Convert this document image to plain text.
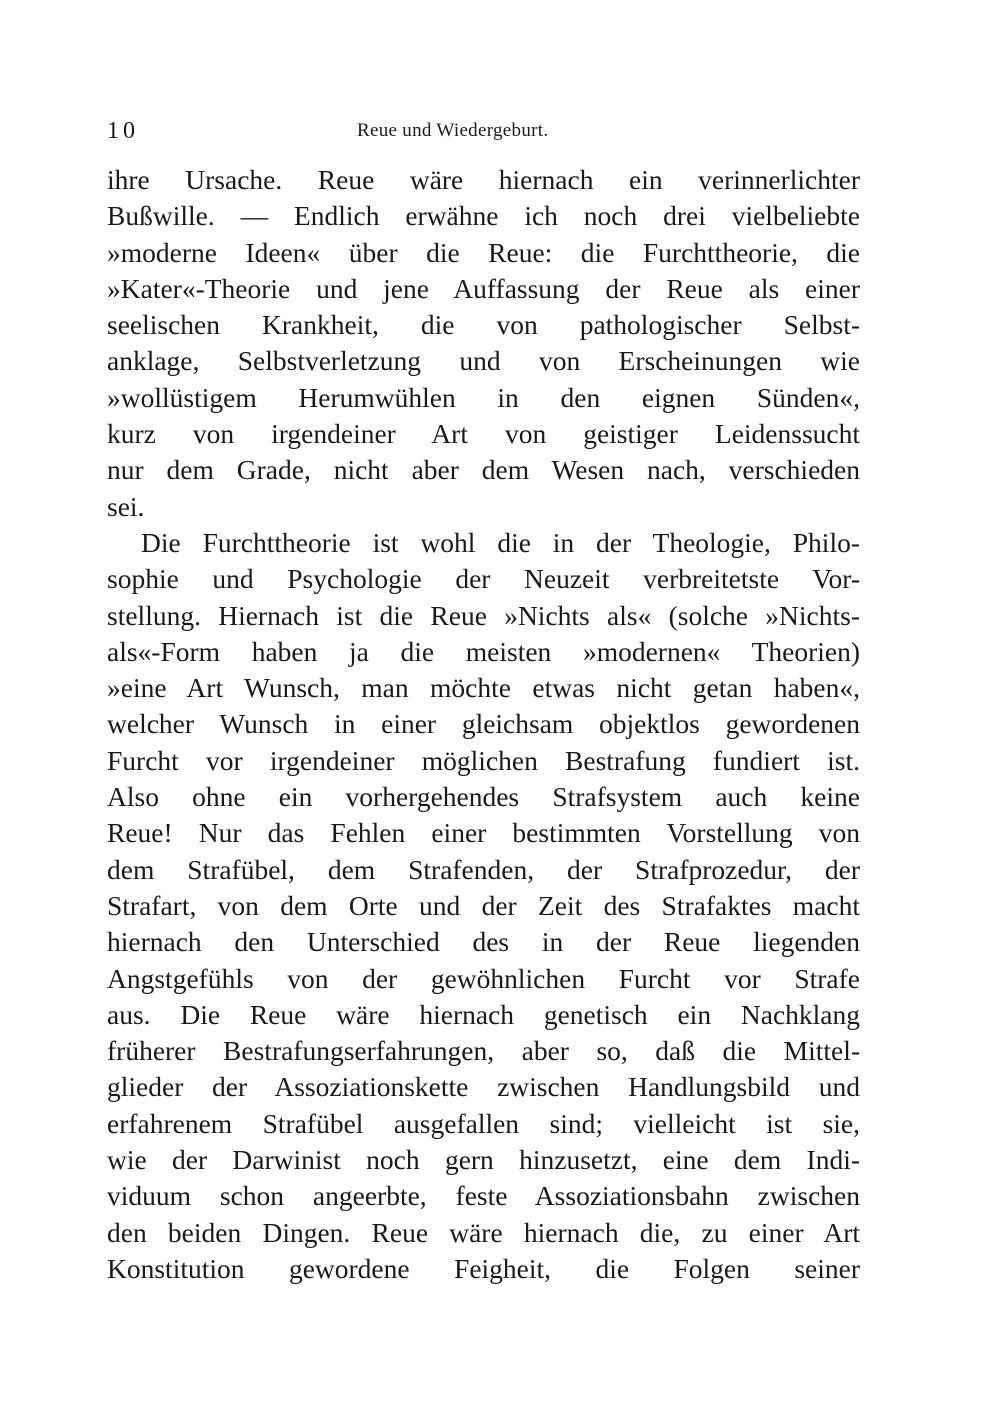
10	Reue und Wiedergeburt.
ihre Ursache. Reue wäre hiernach ein verinnerlichter
Bußwille. — Endlich erwähne ich noch drei vielbeliebte
»moderne Ideen« über die Reue: die Furchttheorie, die
»Kater«-Theorie und jene Auffassung der Reue als einer
seelischen Krankheit, die von pathologischer Selbst-
anklage, Selbstverletzung und von Erscheinungen wie
»wollüstigem Herumwühlen in den eignen Sünden«,
kurz von irgendeiner Art von geistiger Leidenssucht
nur dem Grade, nicht aber dem Wesen nach, verschieden
sei.
Die Furchttheorie ist wohl die in der Theologie, Philo-
sophie und Psychologie der Neuzeit verbreitetste Vor-
stellung. Hiernach ist die Reue »Nichts als« (solche »Nichts-
als«-Form haben ja die meisten »modernen« Theorien)
»eine Art Wunsch, man möchte etwas nicht getan haben«,
welcher Wunsch in einer gleichsam objektlos gewordenen
Furcht vor irgendeiner möglichen Bestrafung fundiert ist.
Also ohne ein vorhergehendes Strafsystem auch keine
Reue! Nur das Fehlen einer bestimmten Vorstellung von
dem Strafübel, dem Strafenden, der Strafprozedur, der
Strafart, von dem Orte und der Zeit des Strafaktes macht
hiernach den Unterschied des in der Reue liegenden
Angstgefühls von der gewöhnlichen Furcht vor Strafe
aus. Die Reue wäre hiernach genetisch ein Nachklang
früherer Bestrafungserfahrungen, aber so, daß die Mittel-
glieder der Assoziationskette zwischen Handlungsbild und
erfahrenem Strafübel ausgefallen sind; vielleicht ist sie,
wie der Darwinist noch gern hinzusetzt, eine dem Indi-
viduum schon angeerbte, feste Assoziationsbahn zwischen
den beiden Dingen. Reue wäre hiernach die, zu einer Art
Konstitution gewordene Feigheit, die Folgen seiner
